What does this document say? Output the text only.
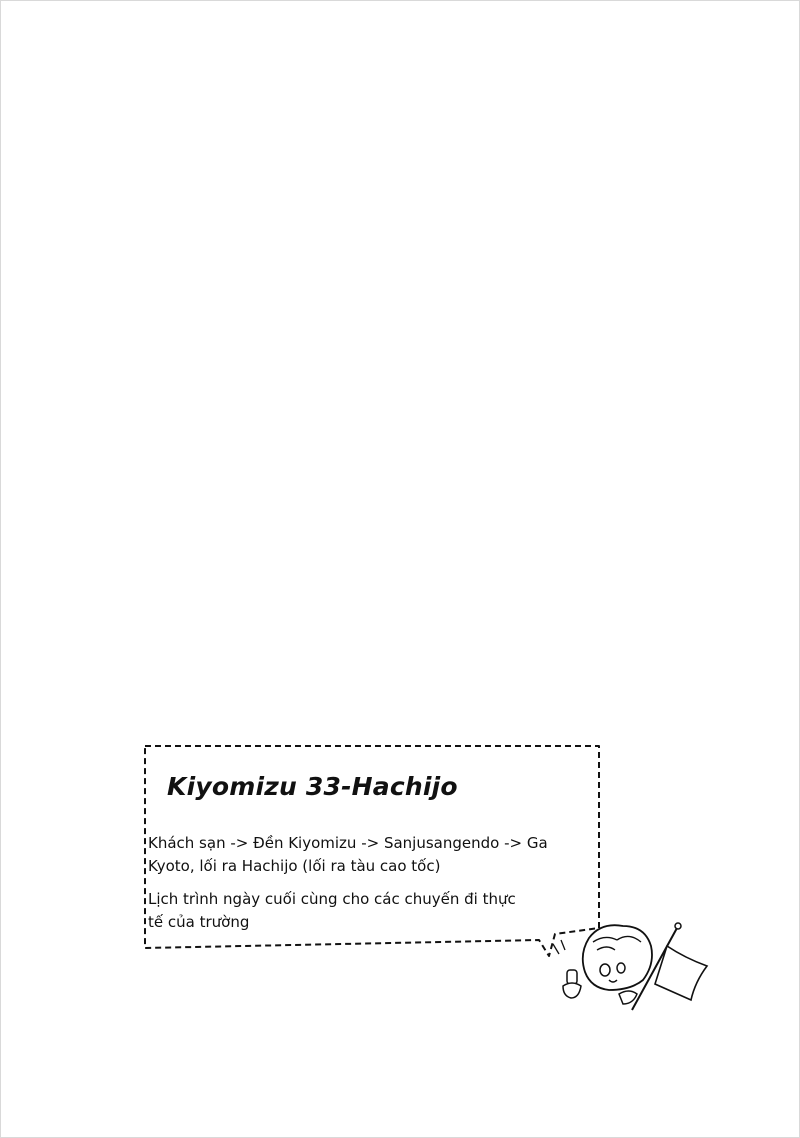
Kiyomizu 33-Hachijo
Khách sạn -> Đền Kiyomizu -> Sanjusangendo -> Ga Kyoto, lối ra Hachijo (lối ra tàu cao tốc)
Lịch trình ngày cuối cùng cho các chuyến đi thực tế của trường
